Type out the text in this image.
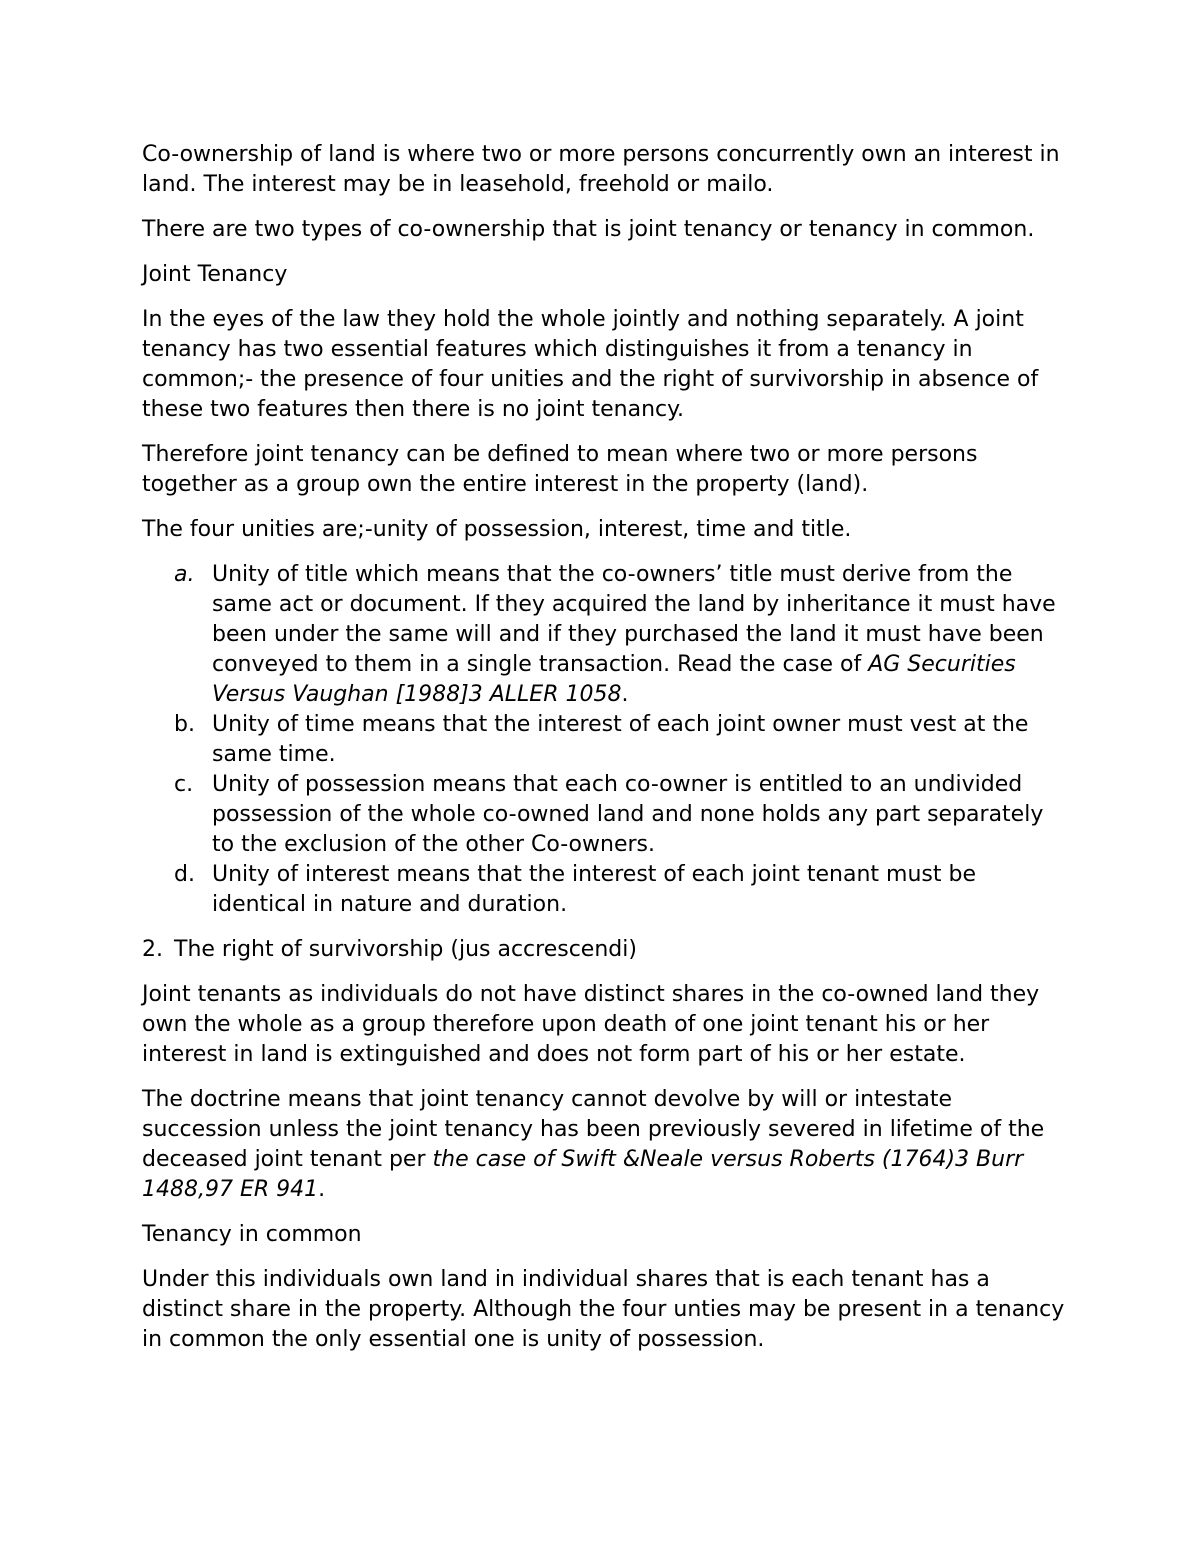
Co-ownership of land is where two or more persons concurrently own an interest in land. The interest may be in leasehold, freehold or mailo.

There are two types of co-ownership that is joint tenancy or tenancy in common.

Joint Tenancy

In the eyes of the law they hold the whole jointly and nothing separately. A joint tenancy has two essential features which distinguishes it from a tenancy in common;- the presence of four unities and the right of survivorship in absence of these two features then there is no joint tenancy.

Therefore joint tenancy can be defined to mean where two or more persons together as a group own the entire interest in the property (land).

The four unities are;-unity of possession, interest, time and title.

a. Unity of title which means that the co-owners’ title must derive from the same act or document. If they acquired the land by inheritance it must have been under the same will and if they purchased the land it must have been conveyed to them in a single transaction. Read the case of AG Securities Versus Vaughan [1988]3 ALLER 1058.
b. Unity of time means that the interest of each joint owner must vest at the same time.
c. Unity of possession means that each co-owner is entitled to an undivided possession of the whole co-owned land and none holds any part separately to the exclusion of the other Co-owners.
d. Unity of interest means that the interest of each joint tenant must be identical in nature and duration.

2. The right of survivorship (jus accrescendi)

Joint tenants as individuals do not have distinct shares in the co-owned land they own the whole as a group therefore upon death of one joint tenant his or her interest in land is extinguished and does not form part of his or her estate.

The doctrine means that joint tenancy cannot devolve by will or intestate succession unless the joint tenancy has been previously severed in lifetime of the deceased joint tenant per the case of Swift &Neale versus Roberts (1764)3 Burr 1488,97 ER 941.

Tenancy in common

Under this individuals own land in individual shares that is each tenant has a distinct share in the property. Although the four unties may be present in a tenancy in common the only essential one is unity of possession.
